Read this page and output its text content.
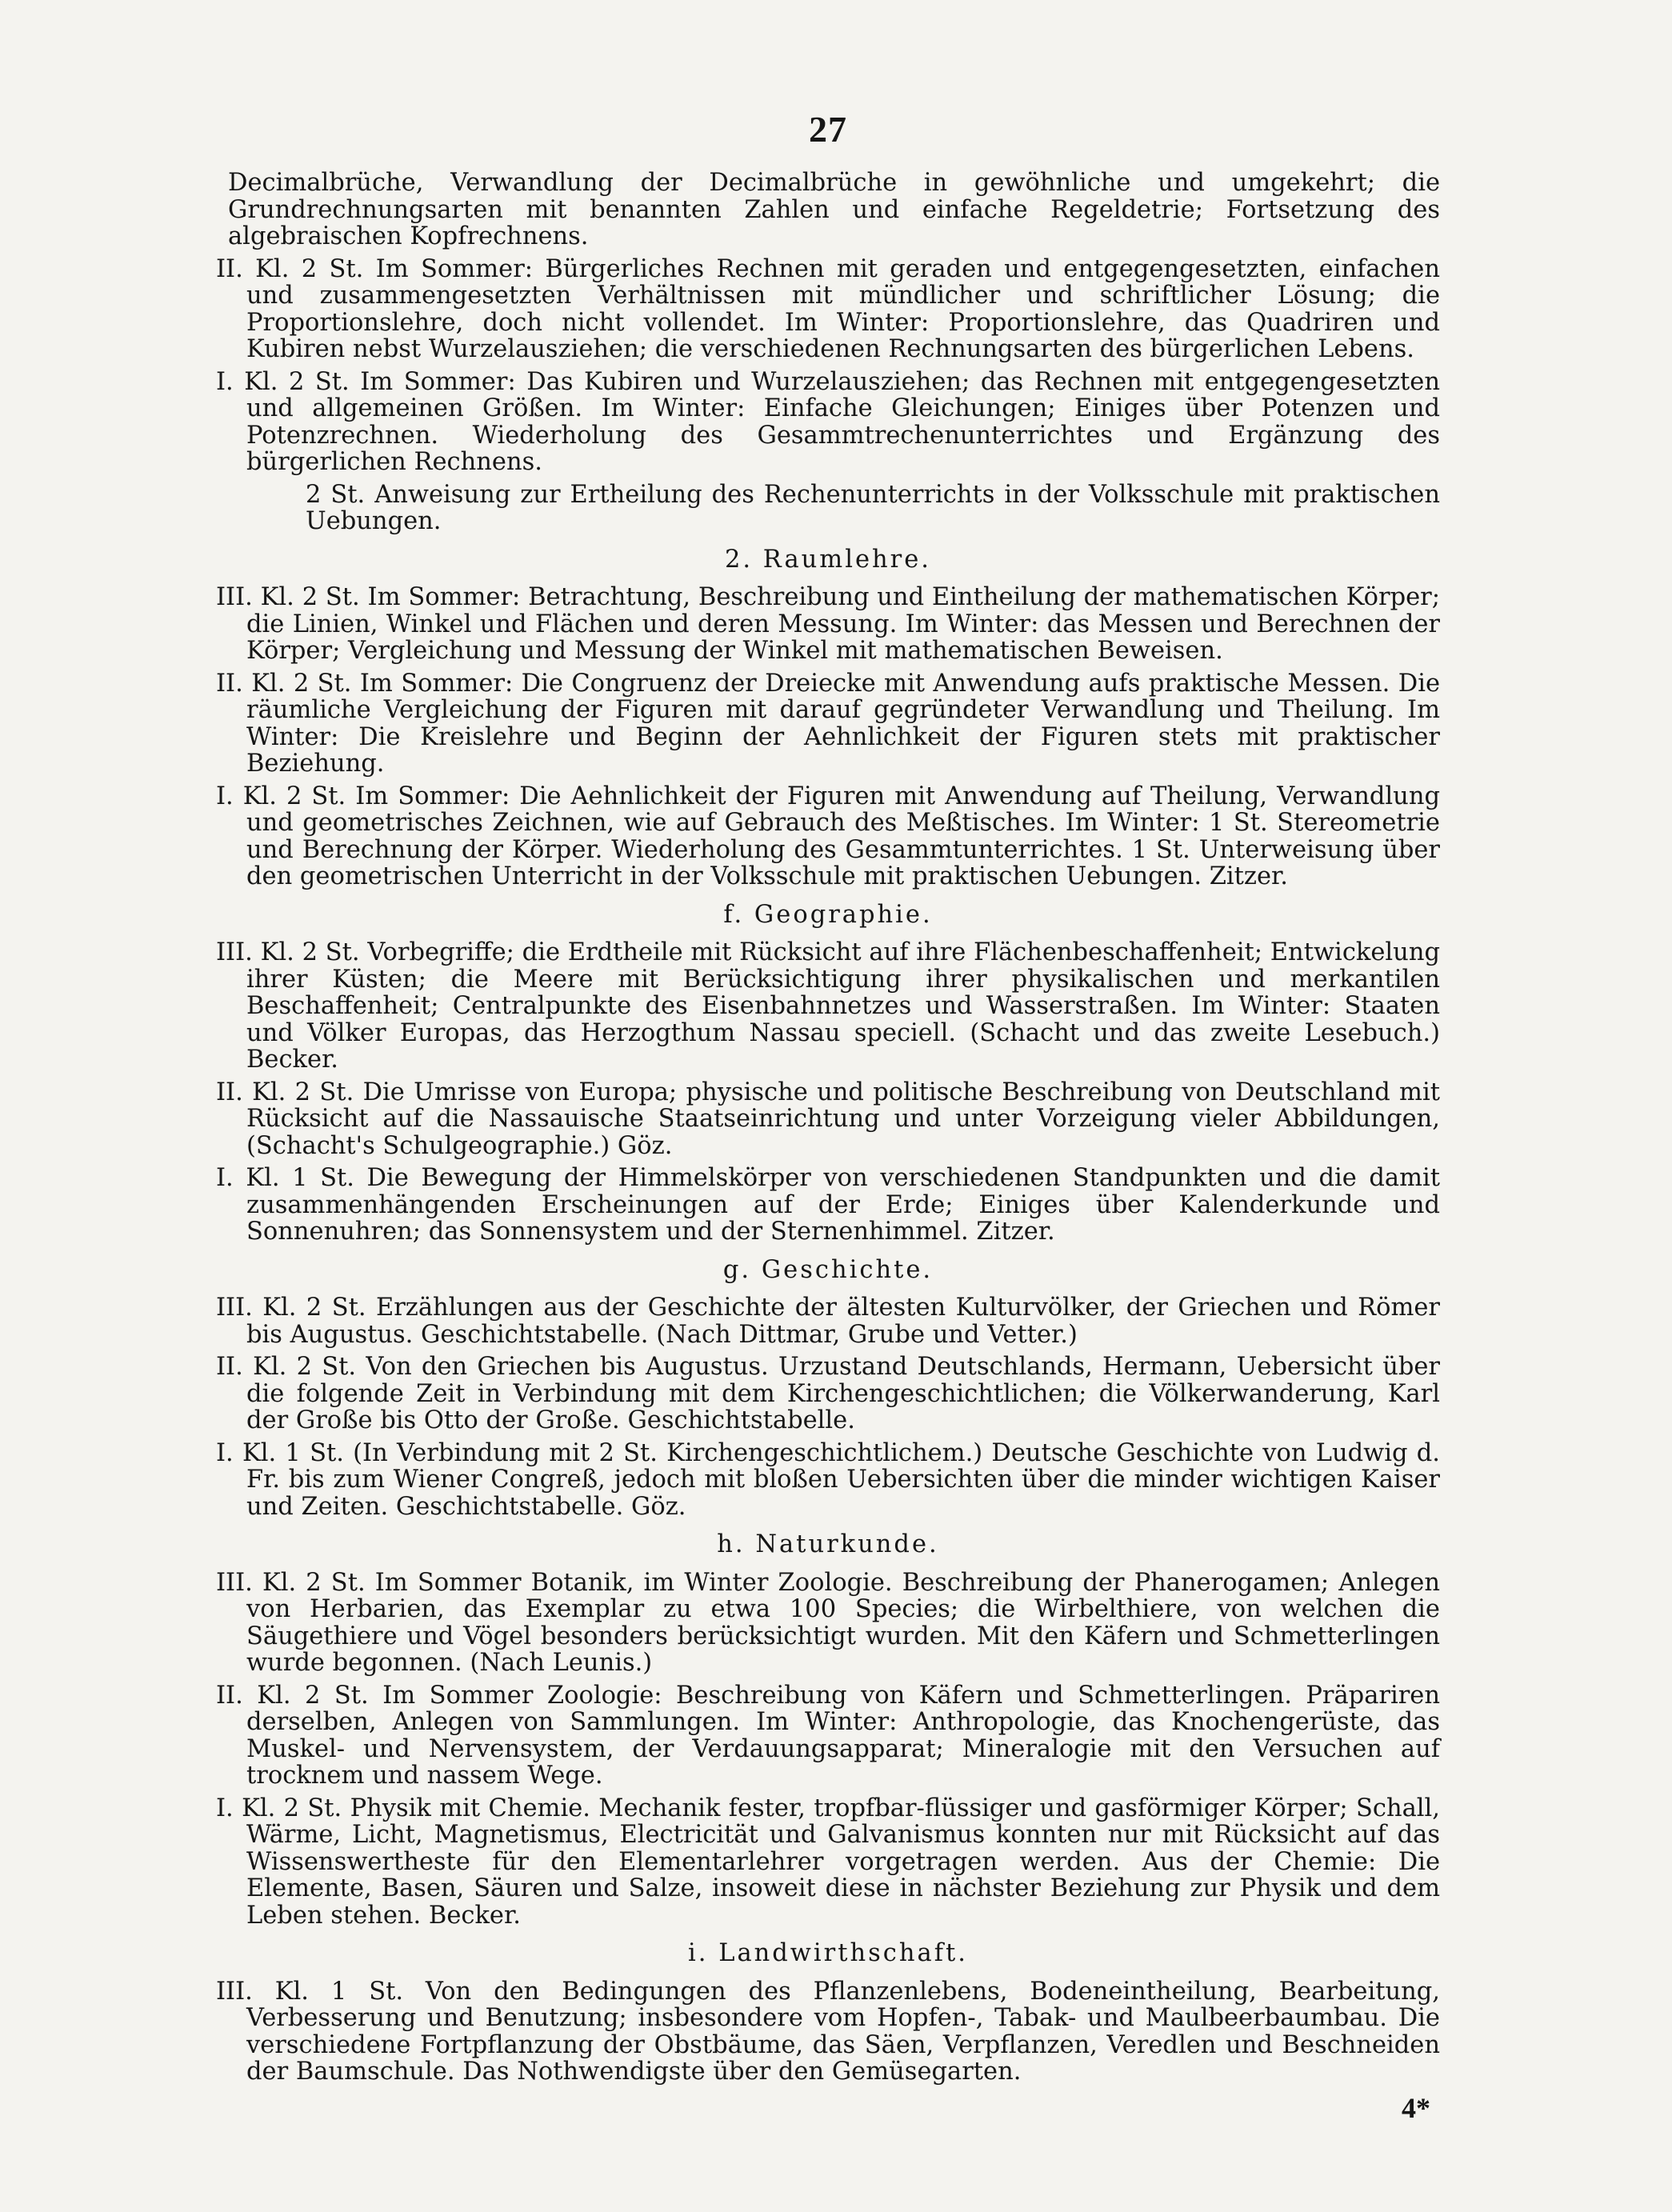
27
Decimalbrüche, Verwandlung der Decimalbrüche in gewöhnliche und umgekehrt; die Grundrechnungsarten mit benannten Zahlen und einfache Regeldetrie; Fortsetzung des algebraischen Kopfrechnens.
II. Kl. 2 St. Im Sommer: Bürgerliches Rechnen mit geraden und entgegengesetzten, einfachen und zusammengesetzten Verhältnissen mit mündlicher und schriftlicher Lösung; die Proportionslehre, doch nicht vollendet. Im Winter: Proportionslehre, das Quadriren und Kubiren nebst Wurzelausziehen; die verschiedenen Rechnungsarten des bürgerlichen Lebens.
I. Kl. 2 St. Im Sommer: Das Kubiren und Wurzelausziehen; das Rechnen mit entgegengesetzten und allgemeinen Größen. Im Winter: Einfache Gleichungen; Einiges über Potenzen und Potenzrechnen. Wiederholung des Gesammtrechenunterrichtes und Ergänzung des bürgerlichen Rechnens.
2 St. Anweisung zur Ertheilung des Rechenunterrichts in der Volksschule mit praktischen Uebungen.
2. Raumlehre.
III. Kl. 2 St. Im Sommer: Betrachtung, Beschreibung und Eintheilung der mathematischen Körper; die Linien, Winkel und Flächen und deren Messung. Im Winter: das Messen und Berechnen der Körper; Vergleichung und Messung der Winkel mit mathematischen Beweisen.
II. Kl. 2 St. Im Sommer: Die Congruenz der Dreiecke mit Anwendung aufs praktische Messen. Die räumliche Vergleichung der Figuren mit darauf gegründeter Verwandlung und Theilung. Im Winter: Die Kreislehre und Beginn der Aehnlichkeit der Figuren stets mit praktischer Beziehung.
I. Kl. 2 St. Im Sommer: Die Aehnlichkeit der Figuren mit Anwendung auf Theilung, Verwandlung und geometrisches Zeichnen, wie auf Gebrauch des Meßtisches. Im Winter: 1 St. Stereometrie und Berechnung der Körper. Wiederholung des Gesammtunterrichtes. 1 St. Unterweisung über den geometrischen Unterricht in der Volksschule mit praktischen Uebungen. Zitzer.
f. Geographie.
III. Kl. 2 St. Vorbegriffe; die Erdtheile mit Rücksicht auf ihre Flächenbeschaffenheit; Entwickelung ihrer Küsten; die Meere mit Berücksichtigung ihrer physikalischen und merkantilen Beschaffenheit; Centralpunkte des Eisenbahnnetzes und Wasserstraßen. Im Winter: Staaten und Völker Europas, das Herzogthum Nassau speciell. (Schacht und das zweite Lesebuch.) Becker.
II. Kl. 2 St. Die Umrisse von Europa; physische und politische Beschreibung von Deutschland mit Rücksicht auf die Nassauische Staatseinrichtung und unter Vorzeigung vieler Abbildungen, (Schacht's Schulgeographie.) Göz.
I. Kl. 1 St. Die Bewegung der Himmelskörper von verschiedenen Standpunkten und die damit zusammenhängenden Erscheinungen auf der Erde; Einiges über Kalenderkunde und Sonnenuhren; das Sonnensystem und der Sternenhimmel. Zitzer.
g. Geschichte.
III. Kl. 2 St. Erzählungen aus der Geschichte der ältesten Kulturvölker, der Griechen und Römer bis Augustus. Geschichtstabelle. (Nach Dittmar, Grube und Vetter.)
II. Kl. 2 St. Von den Griechen bis Augustus. Urzustand Deutschlands, Hermann, Uebersicht über die folgende Zeit in Verbindung mit dem Kirchengeschichtlichen; die Völkerwanderung, Karl der Große bis Otto der Große. Geschichtstabelle.
I. Kl. 1 St. (In Verbindung mit 2 St. Kirchengeschichtlichem.) Deutsche Geschichte von Ludwig d. Fr. bis zum Wiener Congreß, jedoch mit bloßen Uebersichten über die minder wichtigen Kaiser und Zeiten. Geschichtstabelle. Göz.
h. Naturkunde.
III. Kl. 2 St. Im Sommer Botanik, im Winter Zoologie. Beschreibung der Phanerogamen; Anlegen von Herbarien, das Exemplar zu etwa 100 Species; die Wirbelthiere, von welchen die Säugethiere und Vögel besonders berücksichtigt wurden. Mit den Käfern und Schmetterlingen wurde begonnen. (Nach Leunis.)
II. Kl. 2 St. Im Sommer Zoologie: Beschreibung von Käfern und Schmetterlingen. Präpariren derselben, Anlegen von Sammlungen. Im Winter: Anthropologie, das Knochengerüste, das Muskel- und Nervensystem, der Verdauungsapparat; Mineralogie mit den Versuchen auf trocknem und nassem Wege.
I. Kl. 2 St. Physik mit Chemie. Mechanik fester, tropfbar-flüssiger und gasförmiger Körper; Schall, Wärme, Licht, Magnetismus, Electricität und Galvanismus konnten nur mit Rücksicht auf das Wissenswertheste für den Elementarlehrer vorgetragen werden. Aus der Chemie: Die Elemente, Basen, Säuren und Salze, insoweit diese in nächster Beziehung zur Physik und dem Leben stehen. Becker.
i. Landwirthschaft.
III. Kl. 1 St. Von den Bedingungen des Pflanzenlebens, Bodeneintheilung, Bearbeitung, Verbesserung und Benutzung; insbesondere vom Hopfen-, Tabak- und Maulbeerbaumbau. Die verschiedene Fortpflanzung der Obstbäume, das Säen, Verpflanzen, Veredlen und Beschneiden der Baumschule. Das Nothwendigste über den Gemüsegarten.
4*
